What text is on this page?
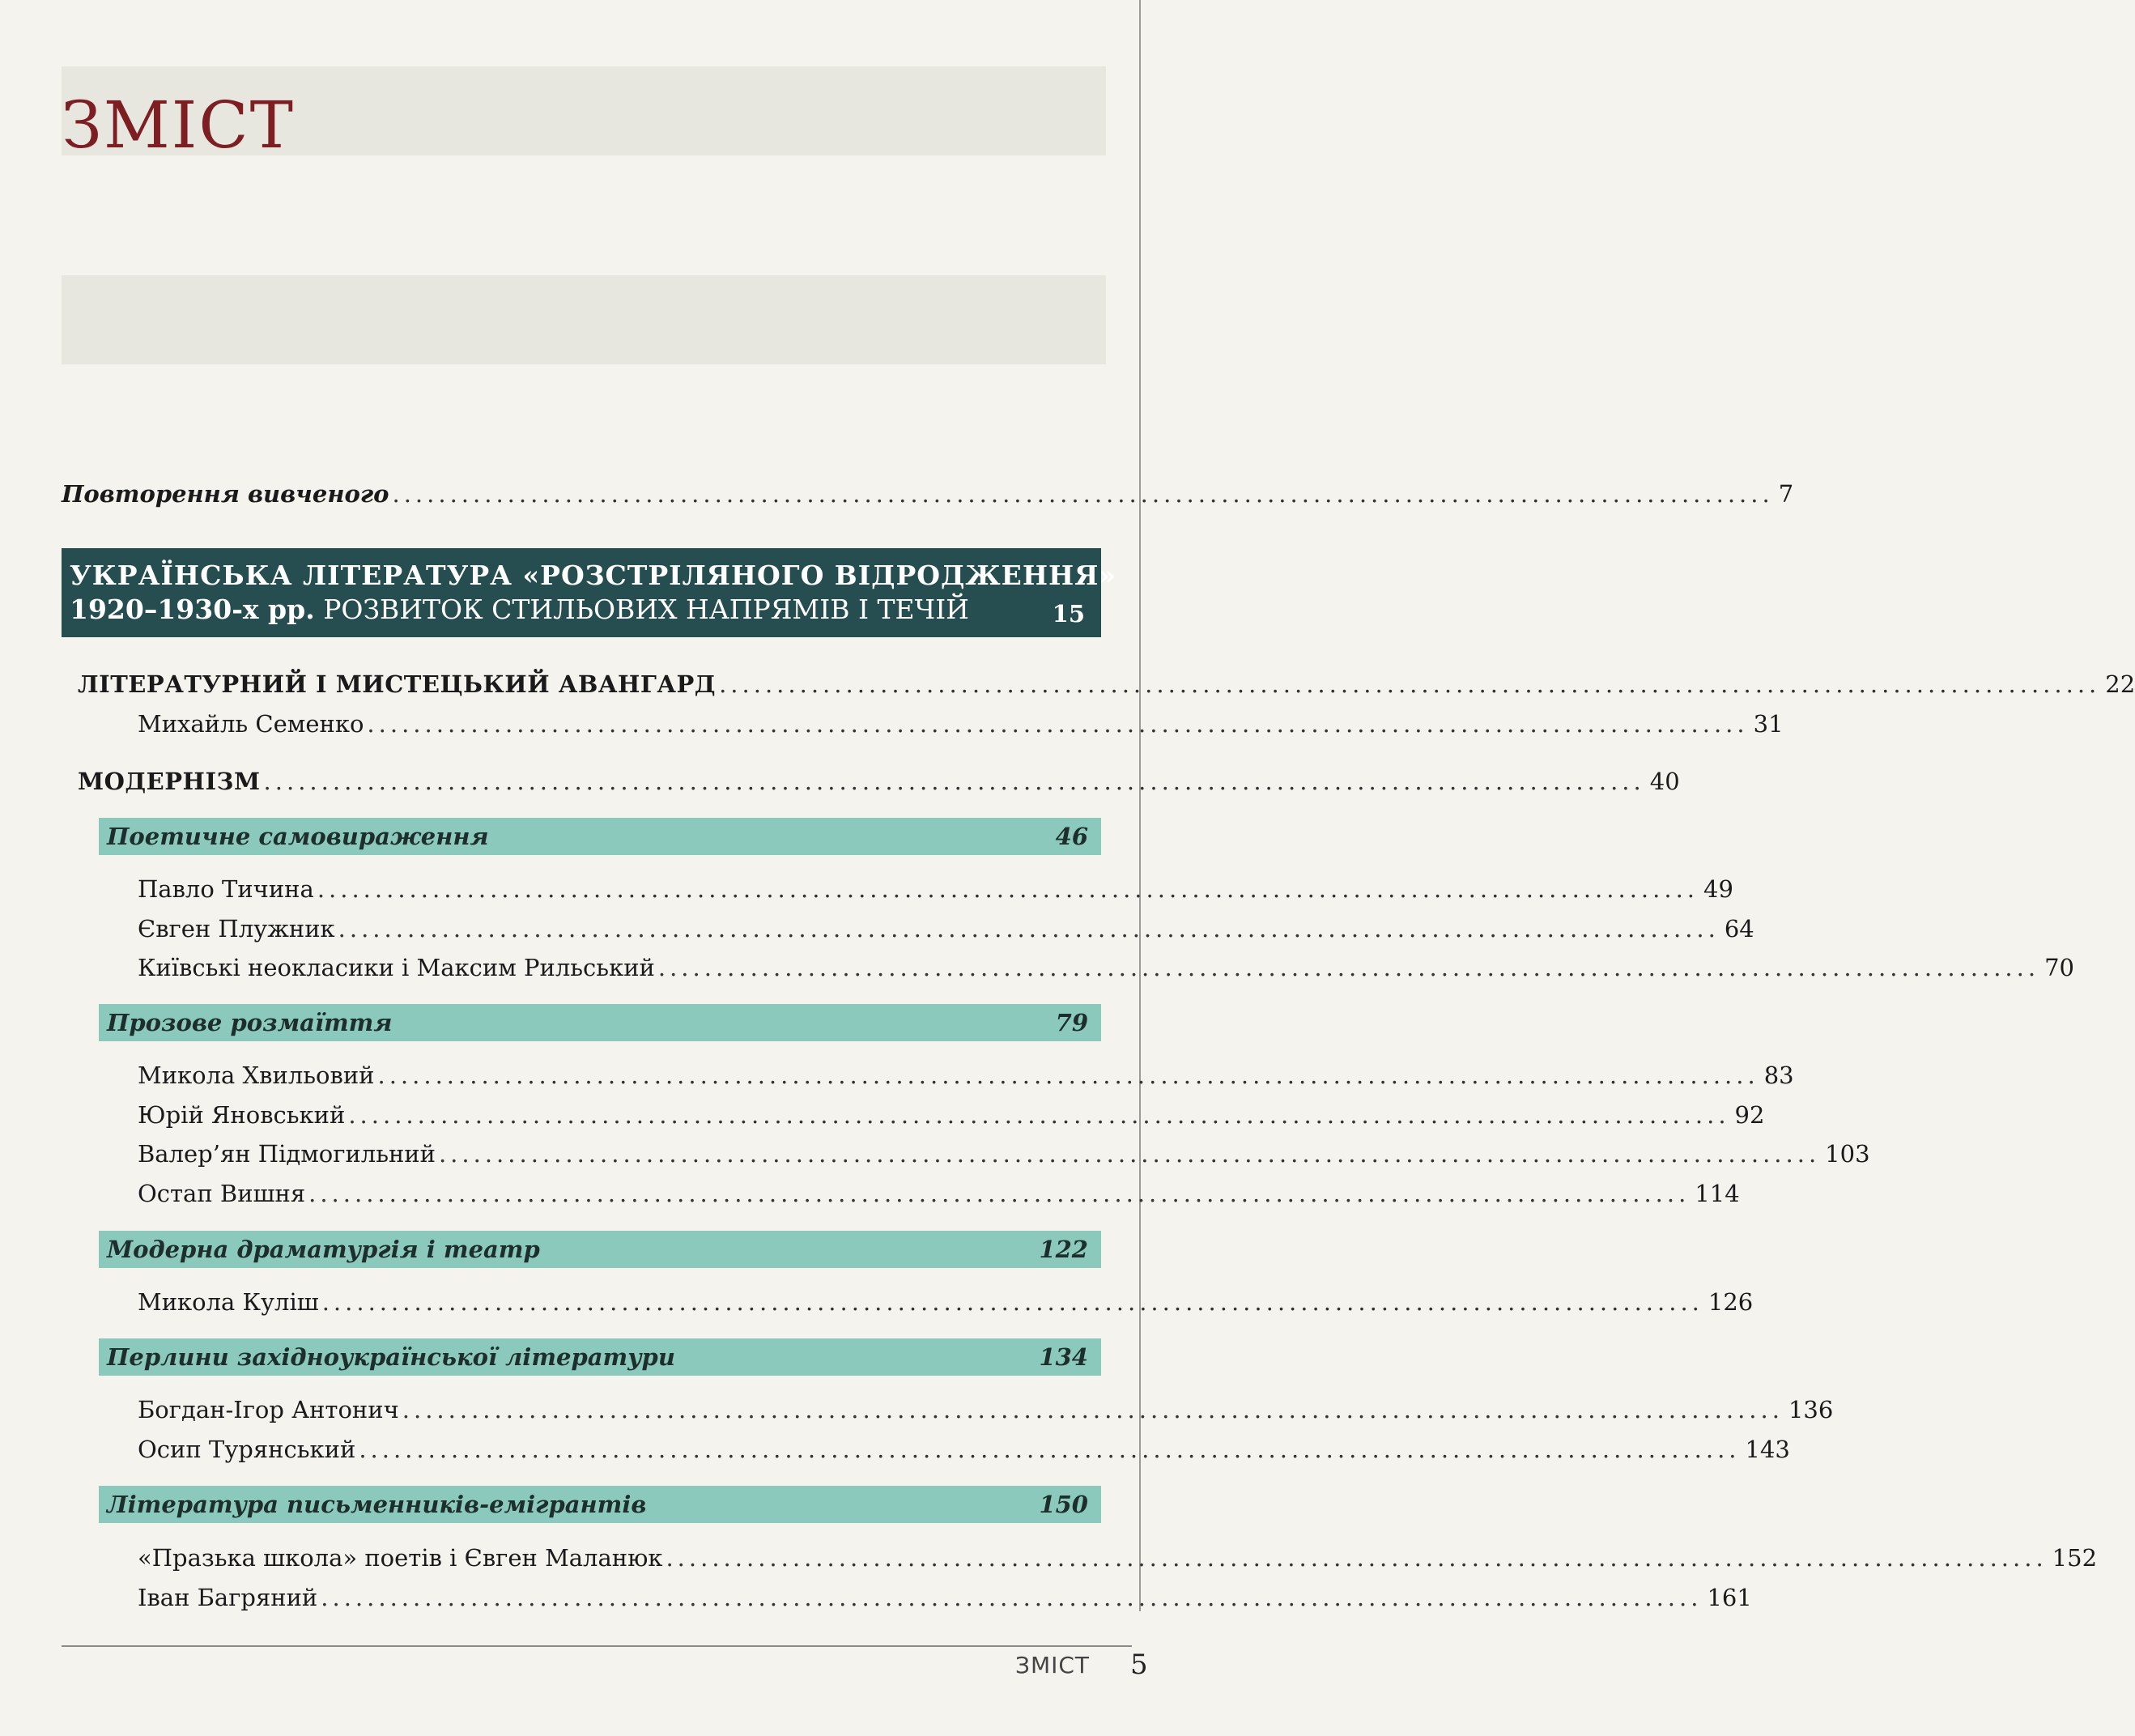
ЗМІСТ
Повторення вивченого ........................................................................................................................ 7
УКРАЇНСЬКА ЛІТЕРАТУРА «РОЗСТРІЛЯНОГО ВІДРОДЖЕННЯ»
1920–1930-х рр. РОЗВИТОК СТИЛЬОВИХ НАПРЯМІВ І ТЕЧІЙ	15
ЛІТЕРАТУРНИЙ І МИСТЕЦЬКИЙ АВАНГАРД ........................................................................................................................ 22
Михайль Семенко ........................................................................................................................ 31
МОДЕРНІЗМ ........................................................................................................................ 40
Поетичне самовираження	46
Павло Тичина ........................................................................................................................ 49
Євген Плужник ........................................................................................................................ 64
Київські неокласики і Максим Рильський ........................................................................................................................ 70
Прозове розмаїття	79
Микола Хвильовий ........................................................................................................................ 83
Юрій Яновський ........................................................................................................................ 92
Валер’ян Підмогильний ........................................................................................................................ 103
Остап Вишня ........................................................................................................................ 114
Модерна драматургія і театр	122
Микола Куліш ........................................................................................................................ 126
Перлини західноукраїнської літератури	134
Богдан-Ігор Антонич ........................................................................................................................ 136
Осип Турянський ........................................................................................................................ 143
Література письменників-емігрантів	150
«Празька школа» поетів і Євген Маланюк ........................................................................................................................ 152
Іван Багряний ........................................................................................................................ 161
ЗМІСТ 5
